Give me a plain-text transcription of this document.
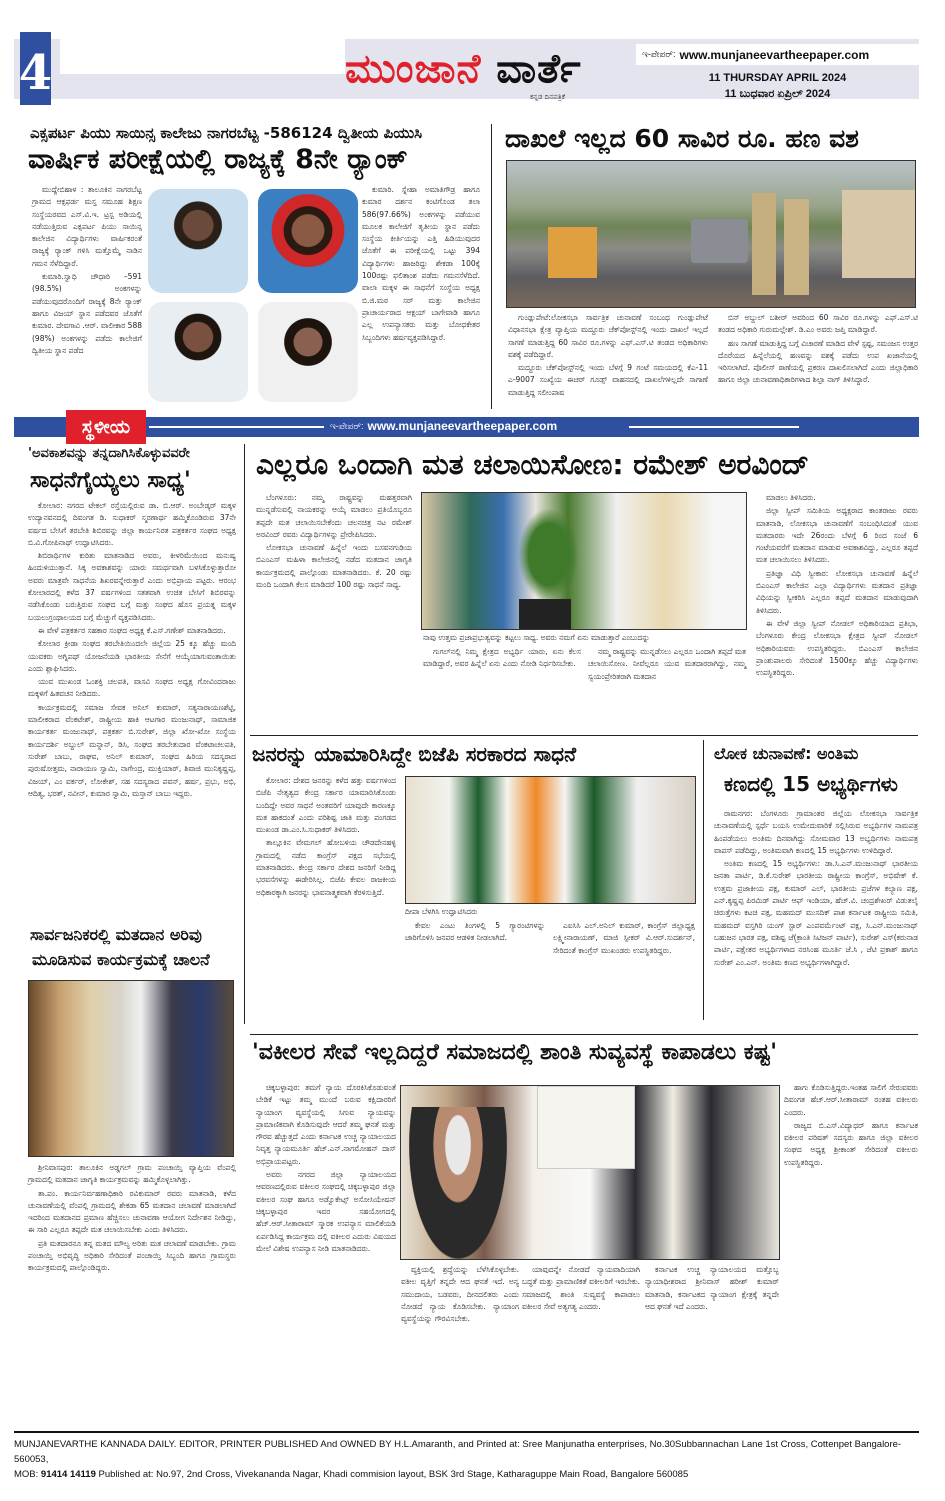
4	ಮುಂಜಾನೆ ವಾರ್ತೆ
ಕನ್ನಡ ದಿನಪತ್ರಿಕೆ
ಇ-ಪೇಪರ್: www.munjaneevartheepaper.com
11 THURSDAY APRIL 2024
11 ಬುಧವಾರ ಏಪ್ರಿಲ್ 2024
ಎಕ್ಸಪರ್ಟ ಪಿಯು ಸಾಯಿನ್ಸ ಕಾಲೇಜು ನಾಗರಬೆಟ್ಟ -586124 ದ್ವಿತೀಯ ಪಿಯುಸಿ
ವಾರ್ಷಿಕ ಪರೀಕ್ಷೆಯಲ್ಲಿ ರಾಜ್ಯಕ್ಕೆ 8ನೇ ರ್‍ಯಾಂಕ್

ಮುದ್ದೇಬಿಹಾಳ : ತಾಲೂಕಿನ ನಾಗರಬೆಟ್ಟ ಗ್ರಾಮದ ಆಕ್ಸಫರ್ಡ ಮಸ್ತ ಸಮೂಹ ಶಿಕ್ಷಣ ಸಂಸ್ಥೆಯರವದ ಎಸ್.ವಿ.ಇ. ಟ್ರಸ್ಟ ಅಡಿಯಲ್ಲಿ ನಡೆಯುತ್ತಿರುವ ಎಕ್ಸಪರ್ಟ ಪಿಯು ಸಾಯಿನ್ಸ ಕಾಲೇಜಿನ ವಿದ್ಯಾರ್ಥಿಗಳು ವಾರ್ಷಿಕರಂತೆ ರಾಜ್ಯಕ್ಕೆ ರ್‍ಯಾಂಕ್ ಗಳಿಸಿ ಮತ್ತೊಮ್ಮೆ ನಾಡಿನ ಗಮನ ಸೆಳೆದಿದ್ದಾರೆ.

ಕುಮಾರಿ.ಸ್ವಾಧಿ ಚೌಧಾರಿ –591 (98.5%) ಅಂಕಗಳನ್ನು ಪಡೆಯುವುದರೊಂದಿಗೆ ರಾಜ್ಯಕ್ಕೆ 8ನೇ ರ್‍ಯಾಂಕ್ ಹಾಗೂ ವಿಜಯ್ ಸ್ಥಾನ ಪಡೆದವರ ಜೊತೆಗೆ ಕುಮಾರ. ದೇವಗಾವಿ .ಆರ್. ವಾಲೀಕಾರ 588 (98%) ಅಂಕಗಳನ್ನು ಪಡೆದು ಕಾಲೇಜಿಗೆ ದ್ವಿತೀಯ ಸ್ಥಾನ ಪಡೆದ

ಕುಮಾರಿ. ಸ್ನೇಹಾ ಅಮಾತಿಗೌಡ್ರ ಹಾಗೂ ಕುಮಾರ ದರ್ಶನ ಕಂಟಿಗೊಂಡ ತಲಾ 586(97.66%) ಅಂಕಗಳನ್ನು ಪಡೆಯುವ ಮೂಲಕ ಕಾಲೇಜಿಗೆ ತೃತೀಯ ಸ್ಥಾನ ಪಡೆದು ಸಂಸ್ಥೆಯ ಕೀರ್ತಿಯನ್ನು ಎತ್ತಿ ಹಿಡಿಯುವುದರ ಜೊತೆಗೆ ಈ ಪರೀಕ್ಷೆಯಲ್ಲಿ ಒಟ್ಟು 394 ವಿದ್ಯಾರ್ಥಿಗಳು ಹಾಜರಿದ್ದು ಶೇಕಡಾ 100ಕ್ಕೆ 100ರಷ್ಟು ಫಲಿತಾಂಶ ಪಡೆದು ಗಮನಸೆಳೆದಿದೆ. ವಾಲಾ ಮಕ್ಕಳ ಈ ಸಾಧನೆಗೆ ಸಂಸ್ಥೆಯ ಅಧ್ಯಕ್ಷ ಬಿ.ಜಿ.ಮಠ ಸರ್ ಮತ್ತು ಕಾಲೇಜಿನ ಪ್ರಾಚಾರ್ಯರಾದ ಆಕ್ಷಯ್ ಬಾಗೇವಾಡಿ ಹಾಗೂ ಎಲ್ಲ ಉಪನ್ಯಾಸಕರು ಮತ್ತು ಬೋಧಕೇತರ ಸಿಬ್ಬಂದಿಗಳು ಹರ್ಷವ್ಯಕ್ತಪಡಿಸಿದ್ದಾರೆ.

ದಾಖಲೆ ಇಲ್ಲದ 60 ಸಾವಿರ ರೂ. ಹಣ ವಶ

ಗುಂಡ್ಲುಪೇಟೆ:ಲೋಕಸಭಾ ಸಾರ್ವತ್ರಿಕ ಚುನಾವಣೆ ಸಂಬಂಧ ಗುಂಡ್ಲುಪೇಟೆ ವಿಧಾನಸಭಾ ಕ್ಷೇತ್ರ ವ್ಯಾಪ್ತಿಯ ಮದ್ದೂರು ಚೆಕ್‌ಪೋಸ್ಟ್‌ನಲ್ಲಿ ಇಂದು ದಾಖಲೆ ಇಲ್ಲದೆ ಸಾಗಣೆ ಮಾಡುತ್ತಿದ್ದ 60 ಸಾವಿರ ರೂ.ಗಳನ್ನು ಎಫ್.ಎಸ್.ಟಿ ತಂಡದ ಅಧಿಕಾರಿಗಳು ವಶಕ್ಕೆ ಪಡೆದಿದ್ದಾರೆ.

ಮದ್ದೂರು ಚೆಕ್‌ಪೋಸ್ಟ್‌ನಲ್ಲಿ ಇಂದು ಬೆಳಗ್ಗೆ 9 ಗಂಟೆ ಸಮಯದಲ್ಲಿ ಕೆಎ-11 ಎ-9007 ಸಂಖ್ಯೆಯ ಈಚರ್ ಗೂಡ್ಸ್ ವಾಹನದಲ್ಲಿ ದಾಖಲೆಗಳಿಲ್ಲದೇ ಸಾಗಾಣೆ ಮಾಡುತ್ತಿದ್ದ ಸಲೀಂಪಾಷ

ಬಿನ್ ಅಬ್ದುಲ್ ಬಶೀರ್ ಅವರಿಂದ 60 ಸಾವಿರ ರೂ.ಗಳನ್ನು ಎಫ್.ಎಸ್.ಟಿ ತಂಡದ ಅಧಿಕಾರಿ ಗುರುಮಲ್ಲೇಶ್. ಡಿ.ಎಂ ಅವರು ಜಪ್ತಿ ಮಾಡಿದ್ದಾರೆ.

ಹಣ ಸಾಗಣೆ ಮಾಡುತ್ತಿದ್ದ ಬಗ್ಗೆ ವಿಚಾರಣೆ ಮಾಡಿದ ವೇಳೆ ಸ್ಪಷ್ಟ, ಸಮಂಜಸ ಉತ್ತರ ದೊರೆಯದ ಹಿನ್ನೆಲೆಯಲ್ಲಿ ಹಣವನ್ನು ವಶಕ್ಕೆ ಪಡೆದು ಉಪ ಖಜಾನೆಯಲ್ಲಿ ಇರಿಸಲಾಗಿದೆ. ಪೊಲೀಸ್ ಠಾಣೆಯಲ್ಲಿ ಪ್ರಕರಣ ದಾಖಲಿಸಲಾಗಿದೆ ಎಂದು ಜಿಲ್ಲಾಧಿಕಾರಿ ಹಾಗೂ ಜಿಲ್ಲಾ ಚುನಾವಣಾಧಿಕಾರಿಗಳಾದ ಶಿಲ್ಪಾ ನಾಗ್ ತಿಳಿಸಿದ್ದಾರೆ.

ಸ್ಥಳೀಯ	ಇ-ಪೇಪರ್: www.munjaneevartheepaper.com
'ಅವಕಾಶವನ್ನು ತನ್ನದಾಗಿಸಿಕೊಳ್ಳುವವರೇ
ಸಾಧನೆಗೈಯ್ಯಲು ಸಾಧ್ಯ'

ಕೋಲಾರ: ನಗರದ ಟೇಕಲ್ ರಸ್ತೆಯಲ್ಲಿರುವ ಡಾ. ಬಿ.ಆರ್. ಅಂಬೇಡ್ಕರ್ ಮಕ್ಕಳ ಉದ್ಯಾನವನದಲ್ಲಿ ದಿವಂಗತ ಡಿ. ಸುಧಾಕರ್ ಸ್ಮರಣಾರ್ಥ ಹಮ್ಮಿಕೊಂಡಿರುವ 37ನೇ ವರ್ಷದ ಬೇಸಿಗೆ ತರಬೇತಿ ಶಿಬಿರವನ್ನು ಜಿಲ್ಲಾ ಕಾರ್ಯನಿರತ ಪತ್ರಕರ್ತರ ಸಂಘದ ಅಧ್ಯಕ್ಷ ಬಿ.ವಿ.ಗೋಪಿನಾಥ್ ಉದ್ಘಾಟಿಸಿದರು.

ಶಿಬಿರಾರ್ಥಿಗಳ ಕುರಿತು ಮಾತನಾಡಿದ ಅವರು, ಕೀಳರಿಮೆಯಿಂದ ಮನುಷ್ಯ ಹಿಂದುಳಿಯುತ್ತಾನೆ. ಸಿಕ್ಕ ಅವಕಾಶವನ್ನು ಯಾರು ಸಮರ್ಥವಾಗಿ ಬಳಸಿಕೊಳ್ಳುತ್ತಾರೋ ಅವರು ಮಾತ್ರವೇ ಸಾಧನೆಯ ಶಿಖರವನ್ನೇರುತ್ತಾರೆ ಎಂದು ಅಭಿಪ್ರಾಯ ಪಟ್ಟರು. ಆರಂಭ ಕೋಲಾರದಲ್ಲಿ ಕಳೆದ 37 ವರ್ಷಗಳಿಂದ ಸತತವಾಗಿ ಉಚಿತ ಬೇಸಿಗೆ ಶಿಬಿರವನ್ನು ನಡೆಸಿಕೊಂಡು ಬರುತ್ತಿರುವ ಸಂಘದ ಬಗ್ಗೆ ಮತ್ತು ಸಂಘದ ಹೊಸ ಪ್ರಯತ್ನ ಮಕ್ಕಳ ಬಯಲುಗ್ರಂಥಾಲಯದ ಬಗ್ಗೆ ಮೆಚ್ಚುಗೆ ವ್ಯಕ್ತಪಡಿಸಿದರು.

ಈ ವೇಳೆ ಪತ್ರಕರ್ತರ ಸಹಕಾರ ಸಂಘದ ಅಧ್ಯಕ್ಷ ಕೆ.ಎಸ್.ಗಣೇಶ್ ಮಾತನಾಡಿದರು.

ಕೋಲಾರ ಕ್ರೀಡಾ ಸಂಘದ ತರಬೇತಿಯಿಂದಲೇ ಜಿಲ್ಲೆಯ 25 ಕ್ಕೂ ಹೆಚ್ಚು ಮಂದಿ ಯುವಕರು ಅಗ್ನಿಪಥ್ ಯೋಜನೆಯಡಿ ಭಾರತೀಯ ಸೇನೆಗೆ ಆಯ್ಕೆಯಾಗುವಂತಾಯಿತು ಎಂದು ಶ್ಲಾಘಿಸಿದರು.

ಯುವ ಮುಖಂಡ ಓಂಶಕ್ತಿ ಚಲಪತಿ, ವಾಸವಿ ಸಂಘದ ಅಧ್ಯಕ್ಷ ಗೋವಿಂದರಾಜು ಮಕ್ಕಳಿಗೆ ಹಿತವಚನ ನೀಡಿದರು.

ಕಾರ್ಯಕ್ರಮದಲ್ಲಿ ಸಮಾಜ ಸೇವಕ ಅನಿಲ್ ಕುಮಾರ್, ಸತ್ಯನಾರಾಯಣಶೆಟ್ಟಿ, ಮಾಲೀಕರಾದ ವೆಂಕಟೇಶ್, ರಾಷ್ಟ್ರೀಯ ಹಾಕಿ ಆಟಗಾರ ಮಂಜುನಾಥ್, ಸಾಮಾಜಿಕ ಕಾರ್ಯಕರ್ತ ಮಂಜುನಾಥ್, ಪತ್ರಕರ್ತ ಬಿ.ಸುರೇಶ್, ಜಿಲ್ಲಾ ಖೋ-ಖೋ ಸಂಸ್ಥೆಯ ಕಾರ್ಯದರ್ಶಿ ಅಬ್ದುಲ್ ಮನ್ನಾನ್, ಡಿಸಿ, ಸಂಘದ ತರಬೇತುದಾರ ವೆಂಕಟಾಚಲಪತಿ, ಸುರೇಶ್ ಬಾಬು, ರಾಘವ, ಅನಿಲ್ ಕುಮಾರ್, ಸಂಘದ ಹಿರಿಯ ಸದಸ್ಯರಾದ ಪುರುಷೋತ್ತಮ, ನಾರಾಯಣ ಸ್ವಾಮಿ, ನಾಗೇಂದ್ರ, ಮುಕ್ತಿಯಾರ್, ಶಿವಾಜಿ ಮುನಿಕೃಷ್ಣಪ್ಪ, ವಿಜಯ್, ಎಂ ವರ್ಕರ್, ಲೋಕೇಶ್, ಸಹ ಸದಸ್ಯರಾದ ಪವನ್, ಹರ್ಷ, ಪ್ರಭು, ಅಭಿ, ಆದಿತ್ಯ, ಭರತ್, ನವೀನ್, ಕುಮಾರ ಸ್ವಾಮಿ, ಮಸ್ತಾನ್ ಬಾಬು ಇದ್ದರು.

ಎಲ್ಲರೂ ಒಂದಾಗಿ ಮತ ಚಲಾಯಿಸೋಣ: ರಮೇಶ್ ಅರವಿಂದ್

ಬೆಂಗಳೂರು: ನಮ್ಮ ರಾಷ್ಟ್ರವನ್ನು ಮಹತ್ತರವಾಗಿ ಮುನ್ನಡೆಸುವಲ್ಲಿ ನಾಯಕರನ್ನು ಆಯ್ಕೆ ಮಾಡಲು ಪ್ರತಿಯೊಬ್ಬರೂ ತಪ್ಪದೇ ಮತ ಚಲಾಯಿಸಬೇಕೆಂದು ಚಲನಚಿತ್ರ ನಟ ರಮೇಶ್ ಅರವಿಂದ್ ರವರು ವಿದ್ಯಾರ್ಥಿಗಳನ್ನು ಪ್ರೇರೇಪಿಸಿದರು.

ಲೋಕಸಭಾ ಚುನಾವಣೆ ಹಿನ್ನೆಲೆ ಇಂದು ಬಸವನಗುಡಿಯ ಬಿಎಂಎಸ್ ಮಹಿಳಾ ಕಾಲೇಜಿನಲ್ಲಿ ನಡೆದ ಮತದಾನ ಜಾಗೃತಿ ಕಾರ್ಯಕ್ರಮದಲ್ಲಿ ಪಾಲ್ಗೊಂಡು ಮಾತನಾಡಿದರು. ಕೆ. 20 ರಷ್ಟು ಮಂದಿ ಒಂದಾಗಿ ಕೆಲಸ ಮಾಡಿದರೆ 100 ರಷ್ಟು ಸಾಧನೆ ಸಾಧ್ಯ.

ನಾವು ಉತ್ತಮ ಪ್ರಜಾಪ್ರಭುತ್ವವನ್ನು ಕಟ್ಟಲು ಸಾಧ್ಯ. ಅವರು ನಮಗೆ ಏನು ಮಾಡುತ್ತಾರೆ ಎಂಬುದನ್ನು

ಗುಗಲ್‌ನಲ್ಲಿ ನಿಮ್ಮ ಕ್ಷೇತ್ರದ ಅಭ್ಯರ್ಥಿ ಯಾರು, ಏನು ಕೆಲಸ ಮಾಡಿದ್ದಾರೆ, ಅವರ ಹಿನ್ನೆಲೆ ಏನು ಎಂದು ನೋಡಿ ನಿರ್ಧರಿಸಬೇಕು.

ನಮ್ಮ ರಾಷ್ಟ್ರವನ್ನು ಮುನ್ನಡೆಸಲು ಎಲ್ಲರೂ ಒಂದಾಗಿ ತಪ್ಪದೆ ಮತ ಚಲಾಯಿಸೋಣ. ನೀವೆಲ್ಲರೂ ಯುವ ಮತದಾರರಾಗಿದ್ದು, ನಮ್ಮ ಸ್ವಯಂಪ್ರೇರಿತರಾಗಿ ಮತದಾನ

ಮಾಡಲು ತಿಳಿಸಿದರು.

ಜಿಲ್ಲಾ ಸ್ವೀಪ್ ಸಮಿತಿಯ ಅಧ್ಯಕ್ಷರಾದ ಕಾಂತರಾಜು ರವರು ಮಾತನಾಡಿ, ಲೋಕಸಭಾ ಚುನಾವಣೆಗೆ ಸಂಬಂಧಿಸಿದಂತೆ ಯುವ ಮತದಾರರು ಇದೇ 26ರಂದು ಬೆಳಗ್ಗೆ 6 ರಿಂದ ಸಂಜೆ 6 ಗಂಟೆಯವರೆಗೆ ಮತದಾನ ಮಾಡುವ ಅವಕಾಶವಿದ್ದು, ಎಲ್ಲರೂ ತಪ್ಪದೆ ಮತ ಚಲಾಯಿಸಲು ತಿಳಿಸಿದರು.

ಪ್ರತಿಜ್ಞಾ ವಿಧಿ ಸ್ವೀಕಾರ: ಲೋಕಸಭಾ ಚುನಾವಣೆ ಹಿನ್ನೆಲೆ ಬಿಎಂಎಸ್ ಕಾಲೇಜಿನ ಎಲ್ಲಾ ವಿದ್ಯಾರ್ಥಿಗಳು ಮತದಾನ ಪ್ರತಿಜ್ಞಾ ವಿಧಿಯನ್ನು ಸ್ವೀಕರಿಸಿ ಎಲ್ಲರೂ ತಪ್ಪದೆ ಮತದಾನ ಮಾಡುವುದಾಗಿ ತಿಳಿಸಿದರು.

ಈ ವೇಳೆ ಜಿಲ್ಲಾ ಸ್ವೀಪ್ ನೋಡಲ್ ಅಧಿಕಾರಿಯಾದ ಪ್ರತಿಭಾ, ಬೆಂಗಳೂರು ಕೇಂದ್ರ ಲೋಕಸಭಾ ಕ್ಷೇತ್ರದ ಸ್ವೀಪ್ ನೋಡಲ್ ಅಧಿಕಾರಿಯವರು ಉಪಸ್ಥಿತರಿದ್ದರು. ಬಿಎಂಎಸ್ ಕಾಲೇಜಿನ ಪ್ರಾಂಶುಪಾಲರು ಸೇರಿದಂತೆ 1500ಕ್ಕೂ ಹೆಚ್ಚು ವಿದ್ಯಾರ್ಥಿಗಳು ಉಪಸ್ಥಿತರಿದ್ದರು.

ಜನರನ್ನು ಯಾಮಾರಿಸಿದ್ದೇ ಬಿಜೆಪಿ ಸರಕಾರದ ಸಾಧನೆ

ಕೋಲಾರ: ದೇಶದ ಜನರನ್ನು ಕಳೆದ ಹತ್ತು ವರ್ಷಗಳಿಂದ ಬಿಜೆಪಿ ನೇತೃತ್ವದ ಕೇಂದ್ರ ಸರ್ಕಾರ ಯಾಮಾರಿಸಿಕೊಂಡು ಬಂದಿದ್ದೇ ಅವರ ಸಾಧನೆ ಅಂತವರಿಗೆ ಯಾವುದೇ ಕಾರಣಕ್ಕೂ ಮತ ಹಾಕದಂತೆ ಎಂದು ಪರಿಶಿಷ್ಟ ಜಾತಿ ಮತ್ತು ಪಂಗಡದ ಮುಖಂಡ ಡಾ.ಎಂ.ಸಿ.ಸುಧಾಕರ್ ತಿಳಿಸಿದರು.

ತಾಲ್ಲೂಕಿನ ವೇಮಗಲ್ ಹೋಬಳಿಯ ಚೌಡದೇನಹಳ್ಳಿ ಗ್ರಾಮದಲ್ಲಿ ನಡೆದ ಕಾಂಗ್ರೆಸ್ ಪಕ್ಷದ ಸಭೆಯಲ್ಲಿ ಮಾತನಾಡಿದರು. ಕೇಂದ್ರ ಸರ್ಕಾರ ದೇಶದ ಜನರಿಗೆ ನೀಡಿದ್ದ ಭರವಸೆಗಳನ್ನು ಈಡೇರಿಸಿಲ್ಲ. ಬಿಜೆಪಿ ಕೇವಲ ರಾಜಕೀಯ ಅಧಿಕಾರಕ್ಕಾಗಿ ಜನರನ್ನು ಭಾವನಾತ್ಮಕವಾಗಿ ಕೆರಳಿಸುತ್ತಿದೆ.

ದೀಪಾ ಬೆಳಗಿಸಿ ಉದ್ಘಾಟಿಸಿದರು

ಕೇವಲ ಎಂಟು ತಿಂಗಳಲ್ಲಿ 5 ಗ್ಯಾರಂಟಿಗಳನ್ನು ಜಾರಿಗೊಳಿಸಿ ಜನಪರ ಆಡಳಿತ ನೀಡಲಾಗಿದೆ.

ಎಐಸಿಸಿ ಎಲ್.ಅನಿಲ್ ಕುಮಾರ್, ಕಾಂಗ್ರೆಸ್ ಜಿಲ್ಲಾಧ್ಯಕ್ಷ ಲಕ್ಷ್ಮೀನಾರಾಯಣ್, ಮಾಜಿ ಸ್ಪೀಕರ್ ವಿ.ಆರ್.ಸುದರ್ಶನ್, ಸೇರಿದಂತೆ ಕಾಂಗ್ರೆಸ್ ಮುಖಂಡರು ಉಪಸ್ಥಿತರಿದ್ದರು.

ಲೋಕ ಚುನಾವಣೆ: ಅಂತಿಮ
ಕಣದಲ್ಲಿ 15 ಅಭ್ಯರ್ಥಿಗಳು

ರಾಮನಗರ: ಬೆಂಗಳೂರು ಗ್ರಾಮಾಂತರ ಜಿಲ್ಲೆಯ ಲೋಕಸಭಾ ಸಾರ್ವತ್ರಿಕ ಚುನಾವಣೆಯಲ್ಲಿ ಸ್ಪರ್ಧೆ ಬಯಸಿ ಉಮೇದುವಾರಿಕೆ ಸಲ್ಲಿಸಿರುವ ಅಭ್ಯರ್ಥಿಗಳ ನಾಮಪತ್ರ ಹಿಂಪಡೆಯಲು ಅಂತಿಮ ದಿನವಾಗಿದ್ದು ಸೋಮವಾರ 13 ಅಭ್ಯರ್ಥಿಗಳು ನಾಮಪತ್ರ ವಾಪಸ್ ಪಡೆದಿದ್ದು, ಅಂತಿಮವಾಗಿ ಕಣದಲ್ಲಿ 15 ಅಭ್ಯರ್ಥಿಗಳು ಉಳಿದಿದ್ದಾರೆ.

ಅಂತಿಮ ಕಣದಲ್ಲಿ 15 ಅಭ್ಯರ್ಥಿಗಳು: ಡಾ.ಸಿ.ಎನ್.ಮಂಜುನಾಥ್ ಭಾರತೀಯ ಜನತಾ ಪಾರ್ಟಿ, ಡಿ.ಕೆ.ಸುರೇಶ್ ಭಾರತೀಯ ರಾಷ್ಟ್ರೀಯ ಕಾಂಗ್ರೆಸ್, ಅಭಿಷೇಕ್ ಕೆ. ಉತ್ತಮ ಪ್ರಜಾಕೀಯ ಪಕ್ಷ, ಕುಮಾರ್ ಎಲ್, ಭಾರತೀಯ ಪ್ರಜೆಗಳ ಕಲ್ಯಾಣ ಪಕ್ಷ, ಎನ್.ಕೃಷ್ಣಪ್ಪ ಪಿರಮಿಡ್ ಪಾರ್ಟಿ ಆಫ್ ಇಂಡಿಯಾ, ಹೆಚ್.ವಿ. ಚಂದ್ರಶೇಖರ್ ವಿಡುತಲೈ ಚಿರುತ್ತೆಗಳು ಕಟಚಿ ಪಕ್ಷ, ಮಹಮದ್ ಮುಸದಿಕ್ ಪಾಶ ಕರ್ನಾಟಕ ರಾಷ್ಟ್ರೀಯ ಸಮಿತಿ, ಮಹಮದ್ ವಸ್ತಗಿರಿ ಯಂಗ್ ಸ್ಟಾರ್ ಎಂಪವರ್ಮೆಂಟ್ ಪಕ್ಷ, ಸಿ.ಎನ್.ಮಂಜುನಾಥ್ ಬಹುಜನ ಭಾರತ ಪಕ್ಷ, ವಶಿಷ್ಟ ಜೆ(ಕ್ರಾಂತಿ ಸಿಟಿಜನ್ ಪಾರ್ಟಿ), ಸುರೇಶ್ ಎಸ್(ಕರುನಾಡ ಪಾರ್ಟಿ, ಪಕ್ಷೇತರ ಅಭ್ಯರ್ಥಿಗಳಾದ ನರಸಿಂಹ ಮೂರ್ತಿ ಜೆ.ಸಿ , ಜೆಟಿ ಪ್ರಕಾಶ್ ಹಾಗೂ ಸುರೇಶ್ ಎಂ.ಎನ್. ಅಂತಿಮ ಕಣದ ಅಭ್ಯರ್ಥಿಗಳಾಗಿದ್ದಾರೆ.

ಸಾರ್ವಜನಿಕರಲ್ಲಿ ಮತದಾನ ಅರಿವು
ಮೂಡಿಸುವ ಕಾರ್ಯಕ್ರಮಕ್ಕೆ ಚಾಲನೆ

ಶ್ರೀನಿವಾಸಪುರ: ತಾಲೂಕಿನ ಅಡ್ಡಗಲ್ ಗ್ರಾಮ ಪಂಚಾಯ್ತಿ ವ್ಯಾಪ್ತಿಯ ವೆಂಪಲ್ಲಿ ಗ್ರಾಮದಲ್ಲಿ ಮತದಾನ ಜಾಗೃತಿ ಕಾರ್ಯಕ್ರಮವನ್ನು ಹಮ್ಮಿಕೊಳ್ಳಲಾಗಿತ್ತು.

ತಾ.ಪಂ. ಕಾರ್ಯನಿರ್ವಹಣಾಧಿಕಾರಿ ರವಿಕುಮಾರ್ ರವರು ಮಾತನಾಡಿ, ಕಳೆದ ಚುನಾವಣೆಯಲ್ಲಿ ವೆಂಪಲ್ಲಿ ಗ್ರಾಮದಲ್ಲಿ ಶೇಕಡಾ 65 ಮತದಾನ ಚಲಾವಣೆ ಮಾಡಲಾಗಿದೆ ಇದರಿಂದ ಮತದಾನದ ಪ್ರಮಾಣ ಹೆಚ್ಚಿಸಲು ಚುನಾವಣಾ ಆಯೋಗ ನಿರ್ದೇಶನ ನೀಡಿದ್ದು, ಈ ಸಾರಿ ಎಲ್ಲರೂ ತಪ್ಪದೇ ಮತ ಚಲಾಯಿಸಬೇಕು ಎಂದು ತಿಳಿಸಿದರು.

ಪ್ರತಿ ಮತದಾರನೂ ತನ್ನ ಮತದ ಮೌಲ್ಯ ಅರಿತು ಮತ ಚಲಾವಣೆ ಮಾಡಬೇಕು. ಗ್ರಾಮ ಪಂಚಾಯ್ತಿ ಅಭಿವೃದ್ಧಿ ಅಧಿಕಾರಿ ಸೇರಿದಂತೆ ಪಂಚಾಯ್ತಿ ಸಿಬ್ಬಂದಿ ಹಾಗೂ ಗ್ರಾಮಸ್ಥರು ಕಾರ್ಯಕ್ರಮದಲ್ಲಿ ಪಾಲ್ಗೊಂಡಿದ್ದರು.

'ವಕೀಲರ ಸೇವೆ ಇಲ್ಲದಿದ್ದರೆ ಸಮಾಜದಲ್ಲಿ ಶಾಂತಿ ಸುವ್ಯವಸ್ಥೆ ಕಾಪಾಡಲು ಕಷ್ಟ'

ಚಿಕ್ಕಬಳ್ಳಾಪುರ: ತಮಗೆ ನ್ಯಾಯ ದೊರಕಿಸಿಕೊಡುವಂತೆ ಬೇಡಿಕೆ ಇಟ್ಟು ತಮ್ಮ ಮುಂದೆ ಬರುವ ಕಕ್ಷಿದಾರರಿಗೆ ನ್ಯಾಯಾಂಗ ವ್ಯವಸ್ಥೆಯಲ್ಲಿ ಸಿಗುವ ನ್ಯಾಯವನ್ನು ಪ್ರಾಮಾಣಿಕವಾಗಿ ಕೊಡಿಸುವುದೇ ಆದರೆ ತಮ್ಮ ಘನತೆ ಮತ್ತು ಗೌರವ ಹೆಚ್ಚುತ್ತದೆ ಎಂದು ಕರ್ನಾಟಕ ಉಚ್ಚ ನ್ಯಾಯಾಲಯದ ನಿವೃತ್ತ ನ್ಯಾಯಮೂರ್ತಿ ಹೆಚ್.ಎನ್.ನಾಗಮೋಹನ್ ದಾಸ್ ಅಭಿಪ್ರಾಯಪಟ್ಟರು.

ಅವರು ನಗರದ ಜಿಲ್ಲಾ ನ್ಯಾಯಾಲಯದ ಆವರಣದಲ್ಲಿರುವ ವಕೀಲರ ಸಂಘದಲ್ಲಿ ಚಿಕ್ಕಬಳ್ಳಾಪುರ ಜಿಲ್ಲಾ ವಕೀಲರ ಸಂಘ ಹಾಗೂ ಅಡ್ವೊಕೇಟ್ಸ್ ಅಸೋಸಿಯೇಷನ್ ಚಿಕ್ಕಬಳ್ಳಾಪುರ ಇವರ ಸಹಯೋಗದಲ್ಲಿ ಹೆಚ್.ಆರ್.ಸೀತಾರಾಮ್ ಸ್ಮಾರಕ ಉಪನ್ಯಾಸ ಮಾಲಿಕೆಯಡಿ ಏರ್ಪಡಿಸಿದ್ದ ಕಾರ್ಯಕ್ರಮ ದಲ್ಲಿ ವಕೀಲರ ಎದುರು ವಿಷಯದ ಮೇಲೆ ವಿಶೇಷ ಉಪನ್ಯಾಸ ನೀಡಿ ಮಾತನಾಡಿದರು.

ವ್ಯಕ್ತಿಯಲ್ಲಿ ಶ್ರದ್ಧೆಯನ್ನು ಬೆಳೆಸಿಕೊಳ್ಳಬೇಕು. ವಕೀಲ ವೃತ್ತಿಗೆ ತನ್ನದೇ ಆದ ಘನತೆ ಇದೆ. ಅನ್ಯ ಸಮುದಾಯ, ಬಡವರು, ದೀನದಲಿತರು ಎಂದು ನೋಡದೆ ನ್ಯಾಯ ಕೊಡಿಸಬೇಕು. ನ್ಯಾಯಾಂಗ ವ್ಯವಸ್ಥೆಯನ್ನು ಗೌರವಿಸಬೇಕು.

ಯಾವುದನ್ನೇ ನೋಡದೆ ನ್ಯಾಯವಾದಿಯಾಗಿ ಬದ್ಧತೆ ಮತ್ತು ಪ್ರಾಮಾಣಿಕತೆ ವಕೀಲರಿಗೆ ಇರಬೇಕು. ಸಮಾಜದಲ್ಲಿ ಶಾಂತಿ ಸುವ್ಯವಸ್ಥೆ ಕಾಪಾಡಲು ವಕೀಲರ ಸೇವೆ ಅತ್ಯಗತ್ಯ ಎಂದರು.

ಕರ್ನಾಟಕ ಉಚ್ಚ ನ್ಯಾಯಾಲಯದ ಮತ್ತೊಬ್ಬ ನ್ಯಾಯಾಧೀಶರಾದ ಶ್ರೀನಿವಾಸ್ ಹರೀಶ್ ಕುಮಾರ್ ಮಾತನಾಡಿ, ಕರ್ನಾಟಕದ ನ್ಯಾಯಾಂಗ ಕ್ಷೇತ್ರಕ್ಕೆ ತನ್ನದೇ ಆದ ಘನತೆ ಇದೆ ಎಂದರು.

ಹಾಗು ಕೊಡಿಸುತ್ತಿದ್ದರು.ಇಂತಹ ಸಾಲಿಗೆ ಸೇರುವವರು ದಿವಂಗತ ಹೆಚ್.ಆರ್.ಸೀತಾರಾಮ್ ರಂತಹ ವಕೀಲರು ಎಂದರು.

ರಾಜ್ಯದ ಬಿ.ಎಸ್.ವಿದ್ಯಾಧರ್ ಹಾಗೂ ಕರ್ನಾಟಕ ವಕೀಲರ ಪರಿಷತ್ ಸದಸ್ಯರು ಹಾಗೂ ಜಿಲ್ಲಾ ವಕೀಲರ ಸಂಘದ ಅಧ್ಯಕ್ಷ ಶ್ರೀಕಾಂತ್ ಸೇರಿದಂತೆ ವಕೀಲರು ಉಪಸ್ಥಿತರಿದ್ದರು.

MUNJANEVARTHE KANNADA DAILY. EDITOR, PRINTER PUBLISHED And OWNED BY H.L.Amaranth, and Printed at: Sree Manjunatha enterprises, No.30Subbannachan Lane 1st Cross, Cottenpet Bangalore-560053,
MOB: 91414 14119 Published at: No.97, 2nd Cross, Vivekananda Nagar, Khadi commision layout, BSK 3rd Stage, Katharaguppe Main Road, Bangalore 560085
